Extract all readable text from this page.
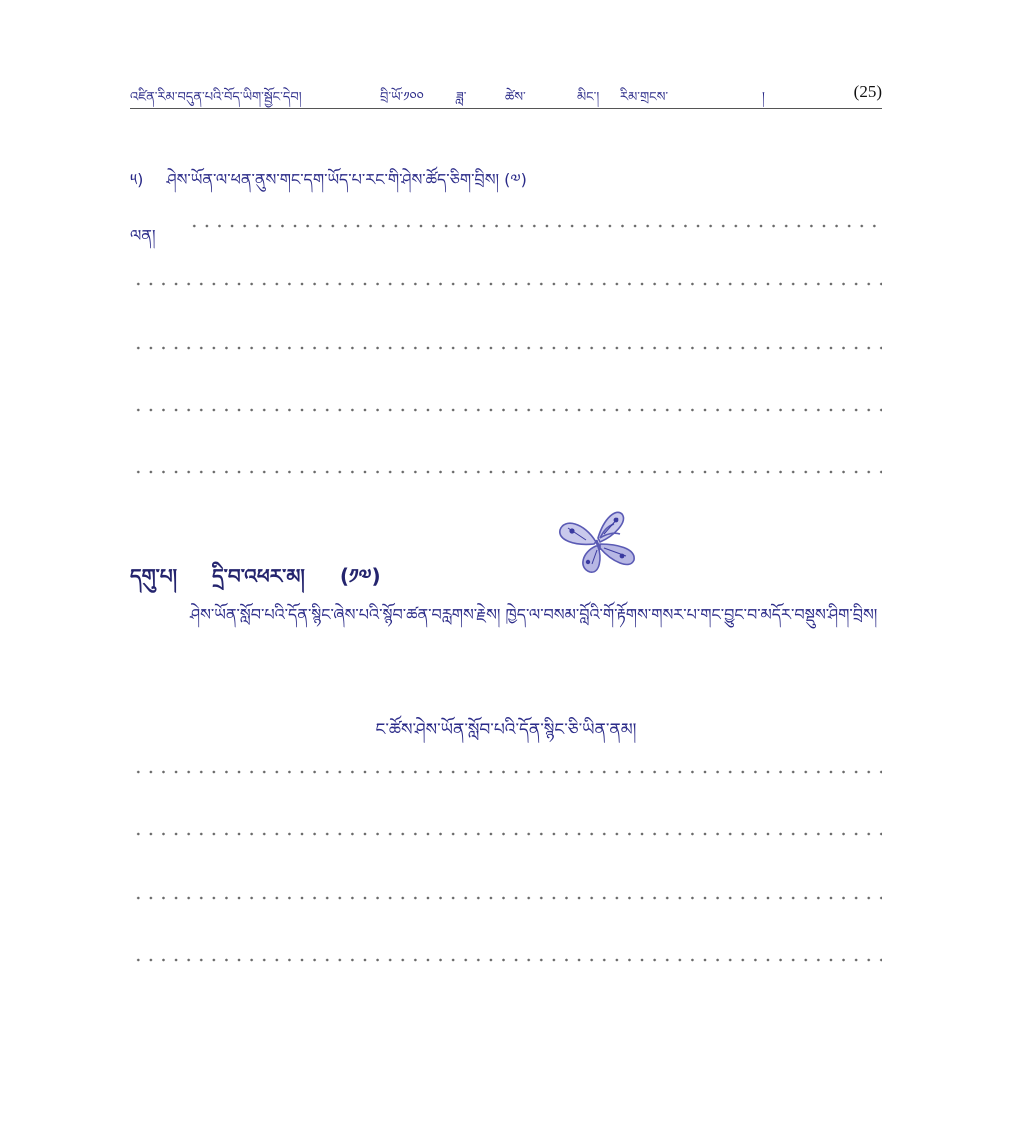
འཛིན་རིམ་བདུན་པའི་བོད་ཡིག་སྦྱོང་དེབ།	བྲི་ཡོ་༡༠༠ ཟླ་	ཚེས་	མིང་། རིམ་གྲངས་	།	(25)
༥) ཤེས་ཡོན་ལ་ཕན་ནུས་གང་དག་ཡོད་པ་རང་གི་ཤེས་ཚོད་ཅིག་བྲིས། (༧)
ལན།
དགུ་པ། དྲི་བ་འཕར་མ། (༡༧)
ཤེས་ཡོན་སློབ་པའི་དོན་སྙིང་ཞེས་པའི་སྙོབ་ཚན་བརླགས་རྗེས། ཁྱེད་ལ་བསམ་བློའི་གོ་རྟོགས་གསར་པ་གང་བྱུང་བ་མདོར་བསྡུས་ཤིག་བྲིས།
ང་ཚོས་ཤེས་ཡོན་སློབ་པའི་དོན་སྙིང་ཅི་ཡིན་ནམ།
